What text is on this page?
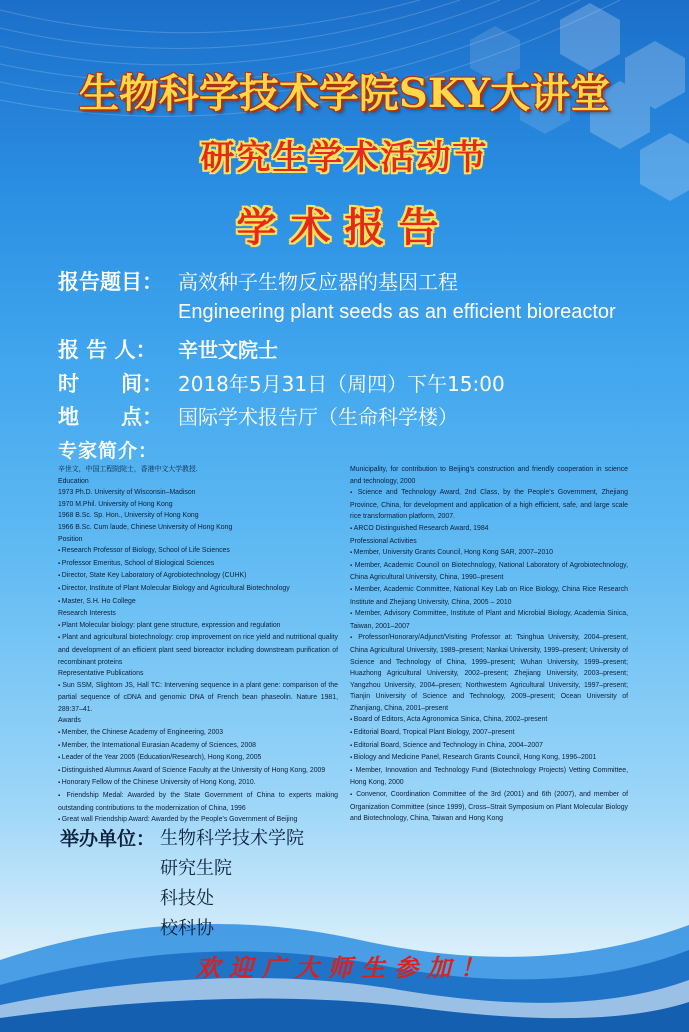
生物科学技术学院SKY大讲堂
研究生学术活动节
学术报告
报告题目： 高效种子生物反应器的基因工程
Engineering plant seeds as an efficient bioreactor
报 告 人： 辛世文院士
时　　间： 2018年5月31日（周四）下午15:00
地　　点： 国际学术报告厅（生命科学楼）
专家简介：

辛世文，中国工程院院士，香港中文大学教授.

Education

1973 Ph.D. University of Wisconsin–Madison

1970 M.Phil. University of Hong Kong

1968 B.Sc. Sp. Hon., University of Hong Kong

1966 B.Sc. Cum laude, Chinese University of Hong Kong

Position

▪ Research Professor of Biology, School of Life Sciences

▪ Professor Emeritus, School of Biological Sciences

▪ Director, State Key Laboratory of Agrobiotechnology (CUHK)

▪ Director, Institute of Plant Molecular Biology and Agricultural Biotechnology

▪ Master, S.H. Ho College

Research Interests

▪ Plant Molecular biology: plant gene structure, expression and regulation

▪ Plant and agricultural biotechnology: crop improvement on rice yield and nutritional quality and development of an efficient plant seed bioreactor including downstream purification of recombinant proteins

Representative Publications

▪ Sun SSM, Slightom JS, Hall TC: Intervening sequence in a plant gene: comparison of the partial sequence of cDNA and genomic DNA of French bean phaseolin. Nature 1981, 289:37–41.

Awards

▪ Member, the Chinese Academy of Engineering, 2003

▪ Member, the International Eurasian Academy of Sciences, 2008

▪ Leader of the Year 2005 (Education/Research), Hong Kong, 2005

▪ Distinguished Alumnus Award of Science Faculty at the University of Hong Kong, 2009

▪ Honorary Fellow of the Chinese University of Hong Kong, 2010.

▪ Friendship Medal: Awarded by the State Government of China to experts making outstanding contributions to the modernization of China, 1996

▪ Great wall Friendship Award: Awarded by the People’s Government of Beijing

Municipality, for contribution to Beijing’s construction and friendly cooperation in science and technology, 2000

▪ Science and Technology Award, 2nd Class, by the People’s Government, Zhejiang Province, China, for development and application of a high efficient, safe, and large scale rice transformation platform, 2007.

▪ ARCO Distinguished Research Award, 1984

Professional Activities

▪ Member, University Grants Council, Hong Kong SAR, 2007–2010

▪ Member, Academic Council on Biotechnology, National Laboratory of Agrobiotechnology, China Agricultural University, China, 1990–present

▪ Member, Academic Committee, National Key Lab on Rice Biology, China Rice Research Institute and Zhejiang University, China, 2005 – 2010

▪ Member, Advisory Committee, Institute of Plant and Microbial Biology, Academia Sinica, Taiwan, 2001–2007

▪ Professor/Honorary/Adjunct/Visiting Professor at: Tsinghua University, 2004–present, China Agricultural University, 1989–present; Nankai University, 1999–present; University of Science and Technology of China, 1999–present; Wuhan University, 1999–present; Huazhong Agricultural University, 2002–present; Zhejiang University, 2003–present; Yangzhou University, 2004–presen; Northwestern Agricultural University, 1997–present; Tianjin University of Science and Technology, 2009–present; Ocean University of Zhanjiang, China, 2001–present

▪ Board of Editors, Acta Agronomica Sinica, China, 2002–present

▪ Editorial Board, Tropical Plant Biology, 2007–present

▪ Editorial Board, Science and Technology in China, 2004–2007

▪ Biology and Medicine Panel, Research Grants Council, Hong Kong, 1996–2001

▪ Member, Innovation and Technology Fund (Biotechnology Projects) Vetting Committee, Hong Kong, 2000

▪ Convenor, Coordination Committee of the 3rd (2001) and 6th (2007), and member of Organization Committee (since 1999), Cross–Strait Symposium on Plant Molecular Biology and Biotechnology, China, Taiwan and Hong Kong

举办单位： 生物科学技术学院
研究生院
科技处
校科协
欢迎广大师生参加！
